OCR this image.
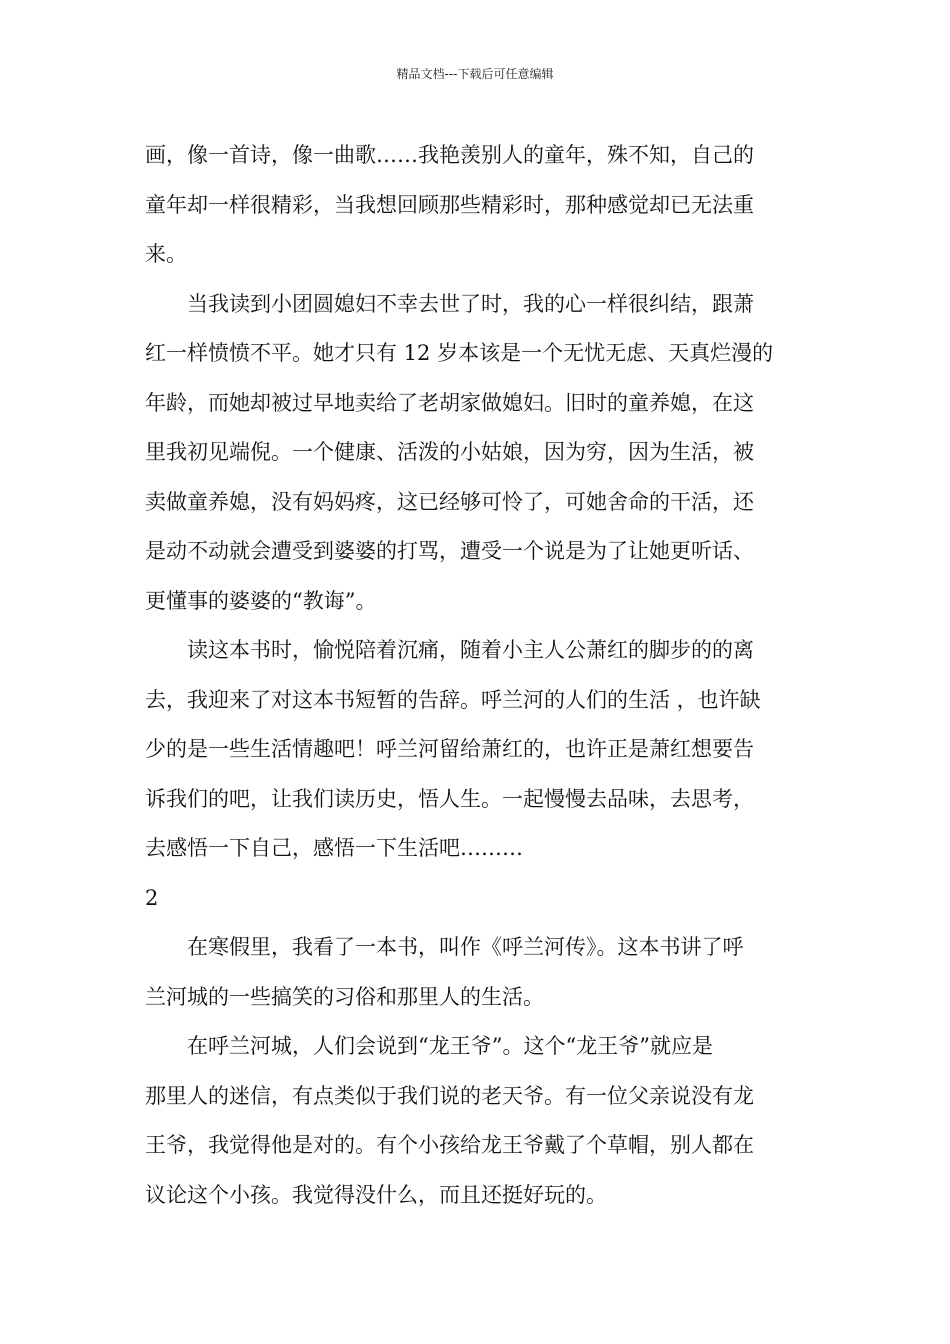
精品文档---下载后可任意编辑
画，像一首诗，像一曲歌……我艳羡别人的童年，殊不知，自己的
童年却一样很精彩，当我想回顾那些精彩时，那种感觉却已无法重
来。
　　当我读到小团圆媳妇不幸去世了时，我的心一样很纠结，跟萧
红一样愤愤不平。她才只有 12 岁本该是一个无忧无虑、天真烂漫的
年龄，而她却被过早地卖给了老胡家做媳妇。旧时的童养媳，在这
里我初见端倪。一个健康、活泼的小姑娘，因为穷，因为生活，被
卖做童养媳，没有妈妈疼，这已经够可怜了，可她舍命的干活，还
是动不动就会遭受到婆婆的打骂，遭受一个说是为了让她更听话、
更懂事的婆婆的“教诲”。
　　读这本书时，愉悦陪着沉痛，随着小主人公萧红的脚步的的离
去，我迎来了对这本书短暂的告辞。呼兰河的人们的生活 ，也许缺
少的是一些生活情趣吧！呼兰河留给萧红的，也许正是萧红想要告
诉我们的吧，让我们读历史，悟人生。一起慢慢去品味，去思考，
去感悟一下自己，感悟一下生活吧………
2
　　在寒假里，我看了一本书，叫作《呼兰河传》。这本书讲了呼
兰河城的一些搞笑的习俗和那里人的生活。
　　在呼兰河城，人们会说到“龙王爷”。这个“龙王爷”就应是
那里人的迷信，有点类似于我们说的老天爷。有一位父亲说没有龙
王爷，我觉得他是对的。有个小孩给龙王爷戴了个草帽，别人都在
议论这个小孩。我觉得没什么，而且还挺好玩的。
